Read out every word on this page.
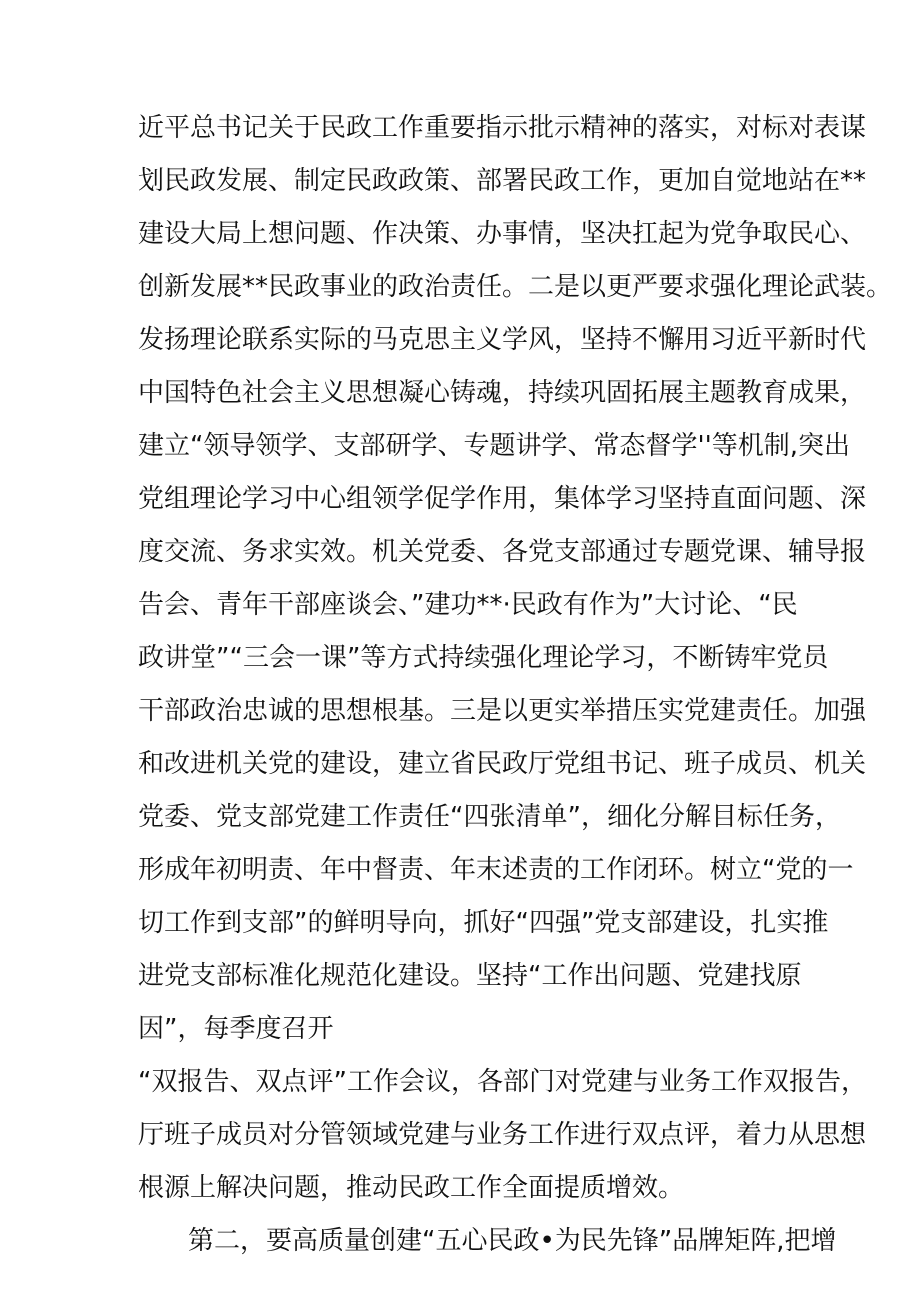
近平总书记关于民政工作重要指示批示精神的落实，对标对表谋
划民政发展、制定民政政策、部署民政工作，更加自觉地站在**
建设大局上想问题、作决策、办事情，坚决扛起为党争取民心、
创新发展**民政事业的政治责任。二是以更严要求强化理论武装。
发扬理论联系实际的马克思主义学风，坚持不懈用习近平新时代
中国特色社会主义思想凝心铸魂，持续巩固拓展主题教育成果，
建立“领导领学、支部研学、专题讲学、常态督学''等机制,突出
党组理论学习中心组领学促学作用，集体学习坚持直面问题、深
度交流、务求实效。机关党委、各党支部通过专题党课、辅导报
告会、青年干部座谈会、”建功**·民政有作为”大讨论、“民
政讲堂”“三会一课”等方式持续强化理论学习，不断铸牢党员
干部政治忠诚的思想根基。三是以更实举措压实党建责任。加强
和改进机关党的建设，建立省民政厅党组书记、班子成员、机关
党委、党支部党建工作责任“四张清单”，细化分解目标任务，
形成年初明责、年中督责、年末述责的工作闭环。树立“党的一
切工作到支部”的鲜明导向，抓好“四强”党支部建设，扎实推
进党支部标准化规范化建设。坚持“工作出问题、党建找原
因”，每季度召开
“双报告、双点评”工作会议，各部门对党建与业务工作双报告，
厅班子成员对分管领域党建与业务工作进行双点评，着力从思想
根源上解决问题，推动民政工作全面提质增效。
第二，要高质量创建“五心民政•为民先锋”品牌矩阵,把增
